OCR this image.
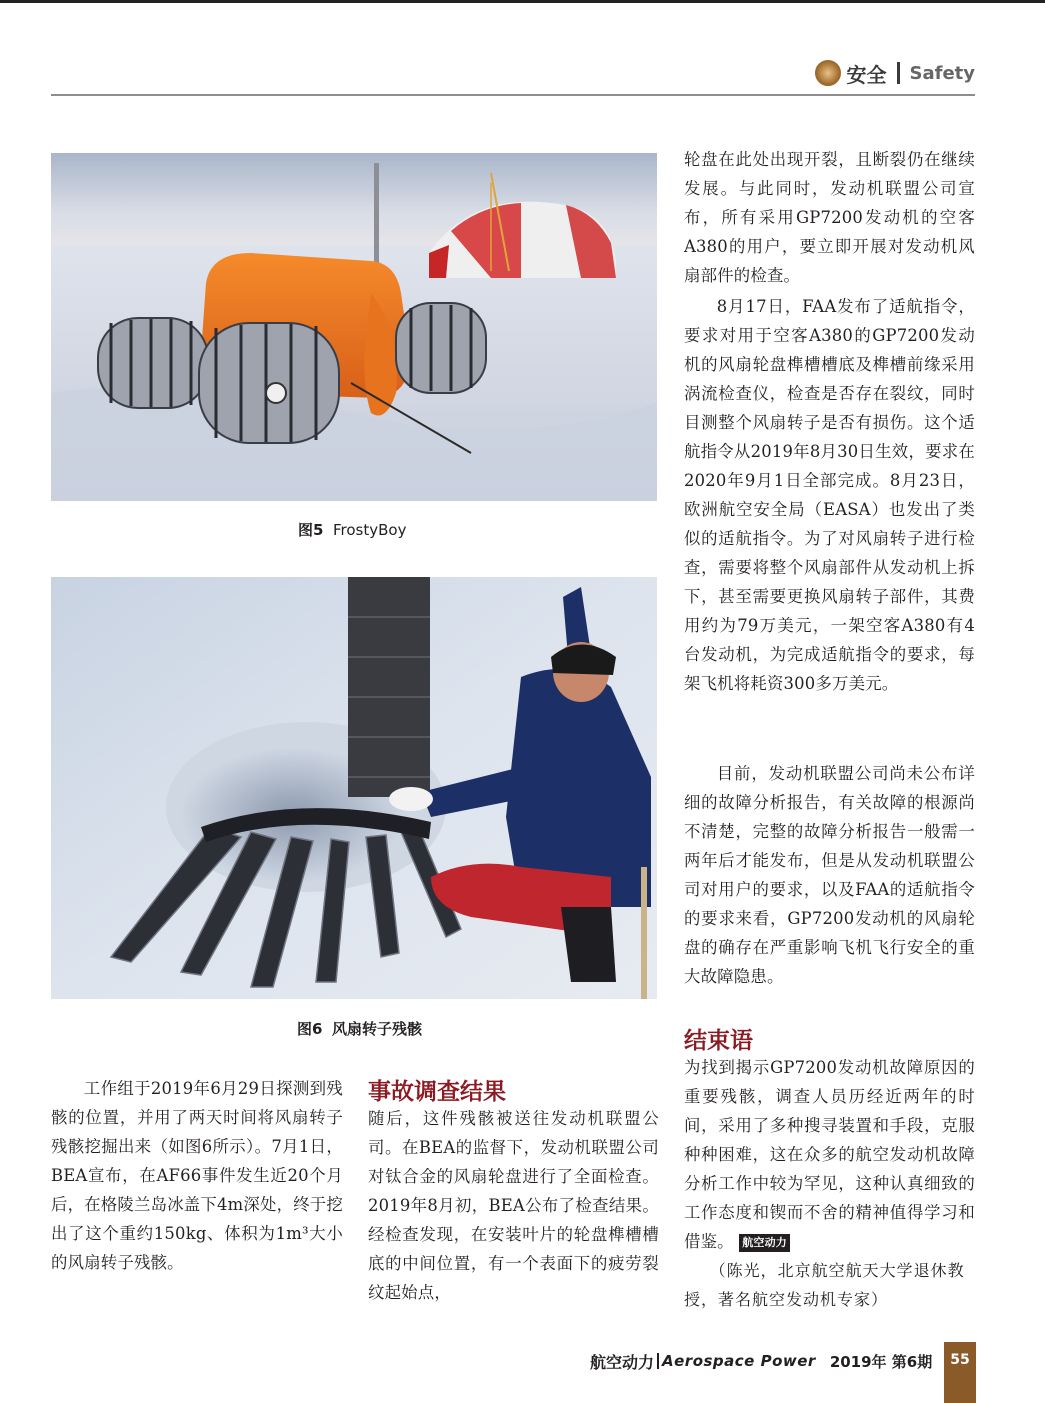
安全 Safety
图5 FrostyBoy
图6 风扇转子残骸
工作组于2019年6月29日探测到残骸的位置，并用了两天时间将风扇转子残骸挖掘出来（如图6所示）。7月1日，BEA宣布，在AF66事件发生近20个月后，在格陵兰岛冰盖下4m深处，终于挖出了这个重约150kg、体积为1m³大小的风扇转子残骸。
事故调查结果
随后，这件残骸被送往发动机联盟公司。在BEA的监督下，发动机联盟公司对钛合金的风扇轮盘进行了全面检查。2019年8月初，BEA公布了检查结果。经检查发现，在安装叶片的轮盘榫槽槽底的中间位置，有一个表面下的疲劳裂纹起始点，
轮盘在此处出现开裂，且断裂仍在继续发展。与此同时，发动机联盟公司宣布，所有采用GP7200发动机的空客A380的用户，要立即开展对发动机风扇部件的检查。
8月17日，FAA发布了适航指令，要求对用于空客A380的GP7200发动机的风扇轮盘榫槽槽底及榫槽前缘采用涡流检查仪，检查是否存在裂纹，同时目测整个风扇转子是否有损伤。这个适航指令从2019年8月30日生效，要求在2020年9月1日全部完成。8月23日，欧洲航空安全局（EASA）也发出了类似的适航指令。为了对风扇转子进行检查，需要将整个风扇部件从发动机上拆下，甚至需要更换风扇转子部件，其费用约为79万美元，一架空客A380有4台发动机，为完成适航指令的要求，每架飞机将耗资300多万美元。
目前，发动机联盟公司尚未公布详细的故障分析报告，有关故障的根源尚不清楚，完整的故障分析报告一般需一两年后才能发布，但是从发动机联盟公司对用户的要求，以及FAA的适航指令的要求来看，GP7200发动机的风扇轮盘的确存在严重影响飞机飞行安全的重大故障隐患。
结束语
为找到揭示GP7200发动机故障原因的重要残骸，调查人员历经近两年的时间，采用了多种搜寻装置和手段，克服种种困难，这在众多的航空发动机故障分析工作中较为罕见，这种认真细致的工作态度和锲而不舍的精神值得学习和借鉴。 航空动力
（陈光，北京航空航天大学退休教授，著名航空发动机专家）
航空动力 Aerospace Power 2019年 第6期	55
